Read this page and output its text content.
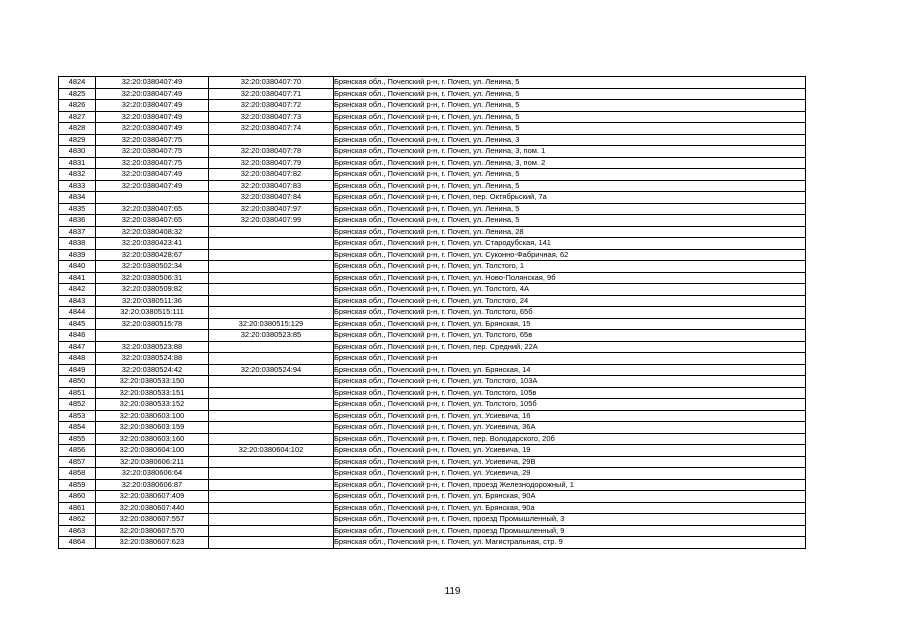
4824	32:20:0380407:49	32:20:0380407:70	Брянская обл., Почепский р-н, г. Почеп, ул. Ленина, 5
4825	32:20:0380407:49	32:20:0380407:71	Брянская обл., Почепский р-н, г. Почеп, ул. Ленина, 5
4826	32:20:0380407:49	32:20:0380407:72	Брянская обл., Почепский р-н, г. Почеп, ул. Ленина, 5
4827	32:20:0380407:49	32:20:0380407:73	Брянская обл., Почепский р-н, г. Почеп, ул. Ленина, 5
4828	32:20:0380407:49	32:20:0380407:74	Брянская обл., Почепский р-н, г. Почеп, ул. Ленина, 5
4829	32:20:0380407:75		Брянская обл., Почепский р-н, г. Почеп, ул. Ленина, 3
4830	32:20:0380407:75	32:20:0380407:78	Брянская обл., Почепский р-н, г. Почеп, ул. Ленина, 3, пом. 1
4831	32:20:0380407:75	32:20:0380407:79	Брянская обл., Почепский р-н, г. Почеп, ул. Ленина, 3, пом. 2
4832	32:20:0380407:49	32:20:0380407:82	Брянская обл., Почепский р-н, г. Почеп, ул. Ленина, 5
4833	32:20:0380407:49	32:20:0380407:83	Брянская обл., Почепский р-н, г. Почеп, ул. Ленина, 5
4834		32:20:0380407:84	Брянская обл., Почепский р-н, г. Почеп, пер. Октябрьский, 7а
4835	32:20:0380407:65	32:20:0380407:97	Брянская обл., Почепский р-н, г. Почеп, ул. Ленина, 5
4836	32:20:0380407:65	32:20:0380407:99	Брянская обл., Почепский р-н, г. Почеп, ул. Ленина, 5
4837	32:20:0380408:32		Брянская обл., Почепский р-н, г. Почеп, ул. Ленина, 28
4838	32:20:0380423:41		Брянская обл., Почепский р-н, г. Почеп, ул. Стародубская, 141
4839	32:20:0380428:67		Брянская обл., Почепский р-н, г. Почеп, ул. Суконно-Фабричная, 62
4840	32:20:0380502:34		Брянская обл., Почепский р-н, г. Почеп, ул. Толстого, 1
4841	32:20:0380506:31		Брянская обл., Почепский р-н, г. Почеп, ул. Ново-Полянская, 9б
4842	32:20:0380509:82		Брянская обл., Почепский р-н, г. Почеп, ул. Толстого, 4А
4843	32:20:0380511:36		Брянская обл., Почепский р-н, г. Почеп, ул. Толстого, 24
4844	32:20:0380515:111		Брянская обл., Почепский р-н, г. Почеп, ул. Толстого, 65б
4845	32:20:0380515:78	32:20:0380515:129	Брянская обл., Почепский р-н, г. Почеп, ул. Брянская, 15
4846		32:20:0380523:85	Брянская обл., Почепский р-н, г. Почеп, ул. Толстого, 65в
4847	32:20:0380523:88		Брянская обл., Почепский р-н, г. Почеп, пер. Средний, 22А
4848	32:20:0380524:88		Брянская обл., Почепский р-н
4849	32:20:0380524:42	32:20:0380524:94	Брянская обл., Почепский р-н, г. Почеп, ул. Брянская, 14
4850	32:20:0380533:150		Брянская обл., Почепский р-н, г. Почеп, ул. Толстого, 103А
4851	32:20:0380533:151		Брянская обл., Почепский р-н, г. Почеп, ул. Толстого, 105в
4852	32:20:0380533:152		Брянская обл., Почепский р-н, г. Почеп, ул. Толстого, 105б
4853	32:20:0380603:100		Брянская обл., Почепский р-н, г. Почеп, ул. Усиевича, 16
4854	32:20:0380603:159		Брянская обл., Почепский р-н, г. Почеп, ул. Усиевича, 36А
4855	32:20:0380603:160		Брянская обл., Почепский р-н, г. Почеп, пер. Володарского, 20б
4856	32:20:0380604:100	32:20:0380604:102	Брянская обл., Почепский р-н, г. Почеп, ул. Усиевича, 19
4857	32:20:0380606:211		Брянская обл., Почепский р-н, г. Почеп, ул. Усиевича, 29В
4858	32:20:0380606:64		Брянская обл., Почепский р-н, г. Почеп, ул. Усиевича, 29
4859	32:20:0380606:87		Брянская обл., Почепский р-н, г. Почеп, проезд Железнодорожный, 1
4860	32:20:0380607:409		Брянская обл., Почепский р-н, г. Почеп, ул. Брянская, 90А
4861	32:20:0380607:440		Брянская обл., Почепский р-н, г. Почеп, ул. Брянская, 90а
4862	32:20:0380607:557		Брянская обл., Почепский р-н, г. Почеп, проезд Промышленный, 3
4863	32:20:0380607:570		Брянская обл., Почепский р-н, г. Почеп, проезд Промышленный, 9
4864	32:20:0380607:623		Брянская обл., Почепский р-н, г. Почеп, ул. Магистральная, стр. 9
119
